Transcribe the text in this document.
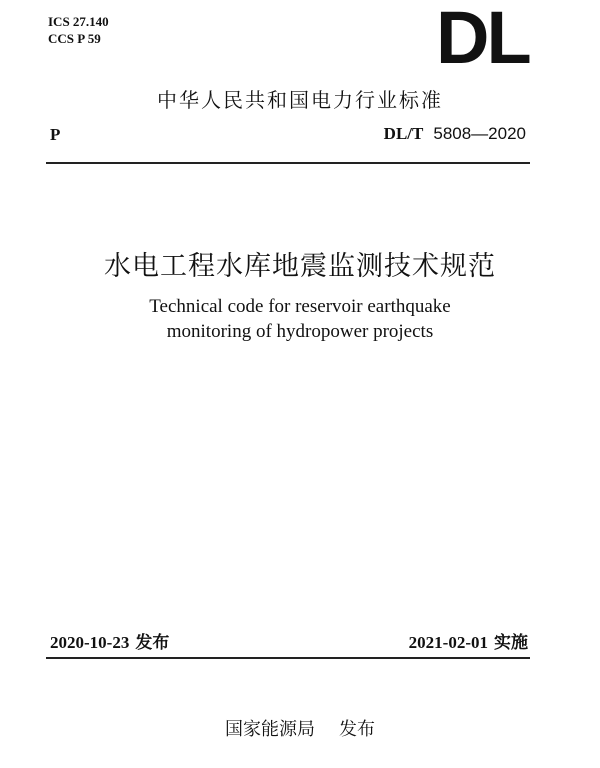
ICS 27.140
CCS P 59	DL
中华人民共和国电力行业标准
P	DL/T 5808—2020
水电工程水库地震监测技术规范
Technical code for reservoir earthquake
monitoring of hydropower projects
2020-10-23 发布	2021-02-01 实施
国家能源局 发布
